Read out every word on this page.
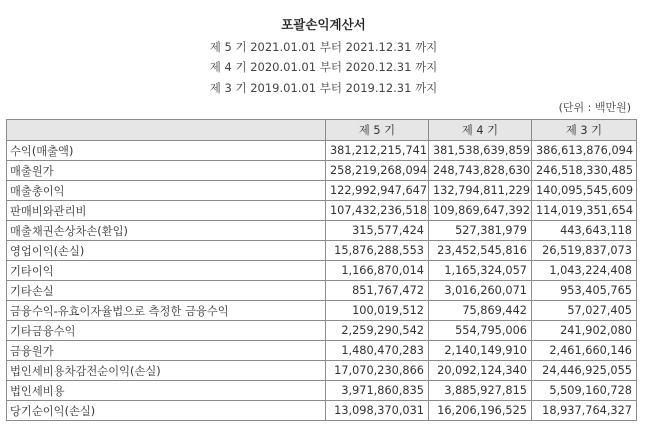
포괄손익계산서
제 5 기 2021.01.01 부터 2021.12.31 까지
제 4 기 2020.01.01 부터 2020.12.31 까지
제 3 기 2019.01.01 부터 2019.12.31 까지
(단위 : 백만원)
	제 5 기	제 4 기	제 3 기
수익(매출액)	381,212,215,741	381,538,639,859	386,613,876,094
매출원가	258,219,268,094	248,743,828,630	246,518,330,485
매출총이익	122,992,947,647	132,794,811,229	140,095,545,609
판매비와관리비	107,432,236,518	109,869,647,392	114,019,351,654
매출채권손상차손(환입)	315,577,424	527,381,979	443,643,118
영업이익(손실)	15,876,288,553	23,452,545,816	26,519,837,073
기타이익	1,166,870,014	1,165,324,057	1,043,224,408
기타손실	851,767,472	3,016,260,071	953,405,765
금융수익-유효이자율법으로 측정한 금융수익	100,019,512	75,869,442	57,027,405
기타금융수익	2,259,290,542	554,795,006	241,902,080
금융원가	1,480,470,283	2,140,149,910	2,461,660,146
법인세비용차감전순이익(손실)	17,070,230,866	20,092,124,340	24,446,925,055
법인세비용	3,971,860,835	3,885,927,815	5,509,160,728
당기순이익(손실)	13,098,370,031	16,206,196,525	18,937,764,327
